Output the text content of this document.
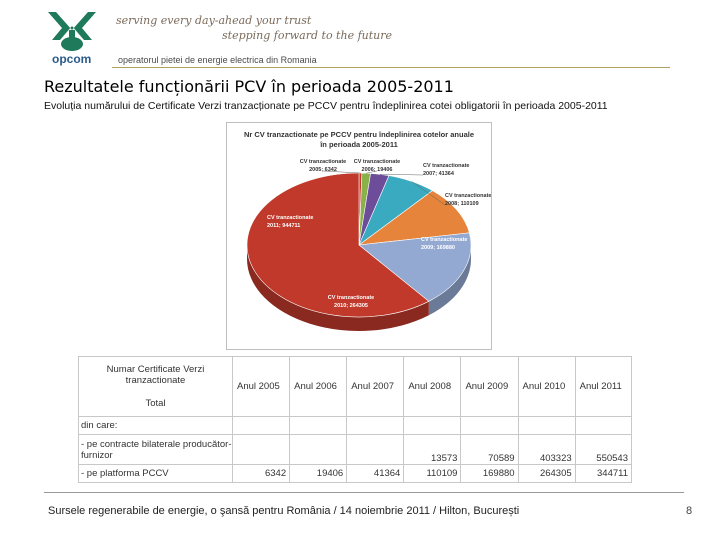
opcom
serving every day-ahead your trust
stepping forward to the future
operatorul pietei de energie electrica din Romania
Rezultatele funcționării PCV în perioada 2005-2011
Evoluția numărului de Certificate Verzi tranzacționate pe PCCV pentru îndeplinirea cotei obligatorii în perioada 2005-2011
Nr CV tranzactionate pe PCCV pentru îndeplinirea cotelor anuale
în perioada 2005-2011
CV tranzactionate
2005; 6342
CV tranzactionate
2006; 19406
CV tranzactionate
2007; 41364
CV tranzactionate
2008; 110109
CV tranzactionate
2009; 169880
CV tranzactionate
2010; 264305
CV tranzactionate
2011; 944711
Numar Certificate Verzi
tranzactionate
Total	Anul 2005	Anul 2006	Anul 2007	Anul 2008	Anul 2009	Anul 2010	Anul 2011
din care:							
- pe contracte bilaterale producător-furnizor				13573	70589	403323	550543
- pe platforma PCCV	6342	19406	41364	110109	169880	264305	344711
Sursele regenerabile de energie, o şansă pentru România / 14 noiembrie 2011 / Hilton, București	8
